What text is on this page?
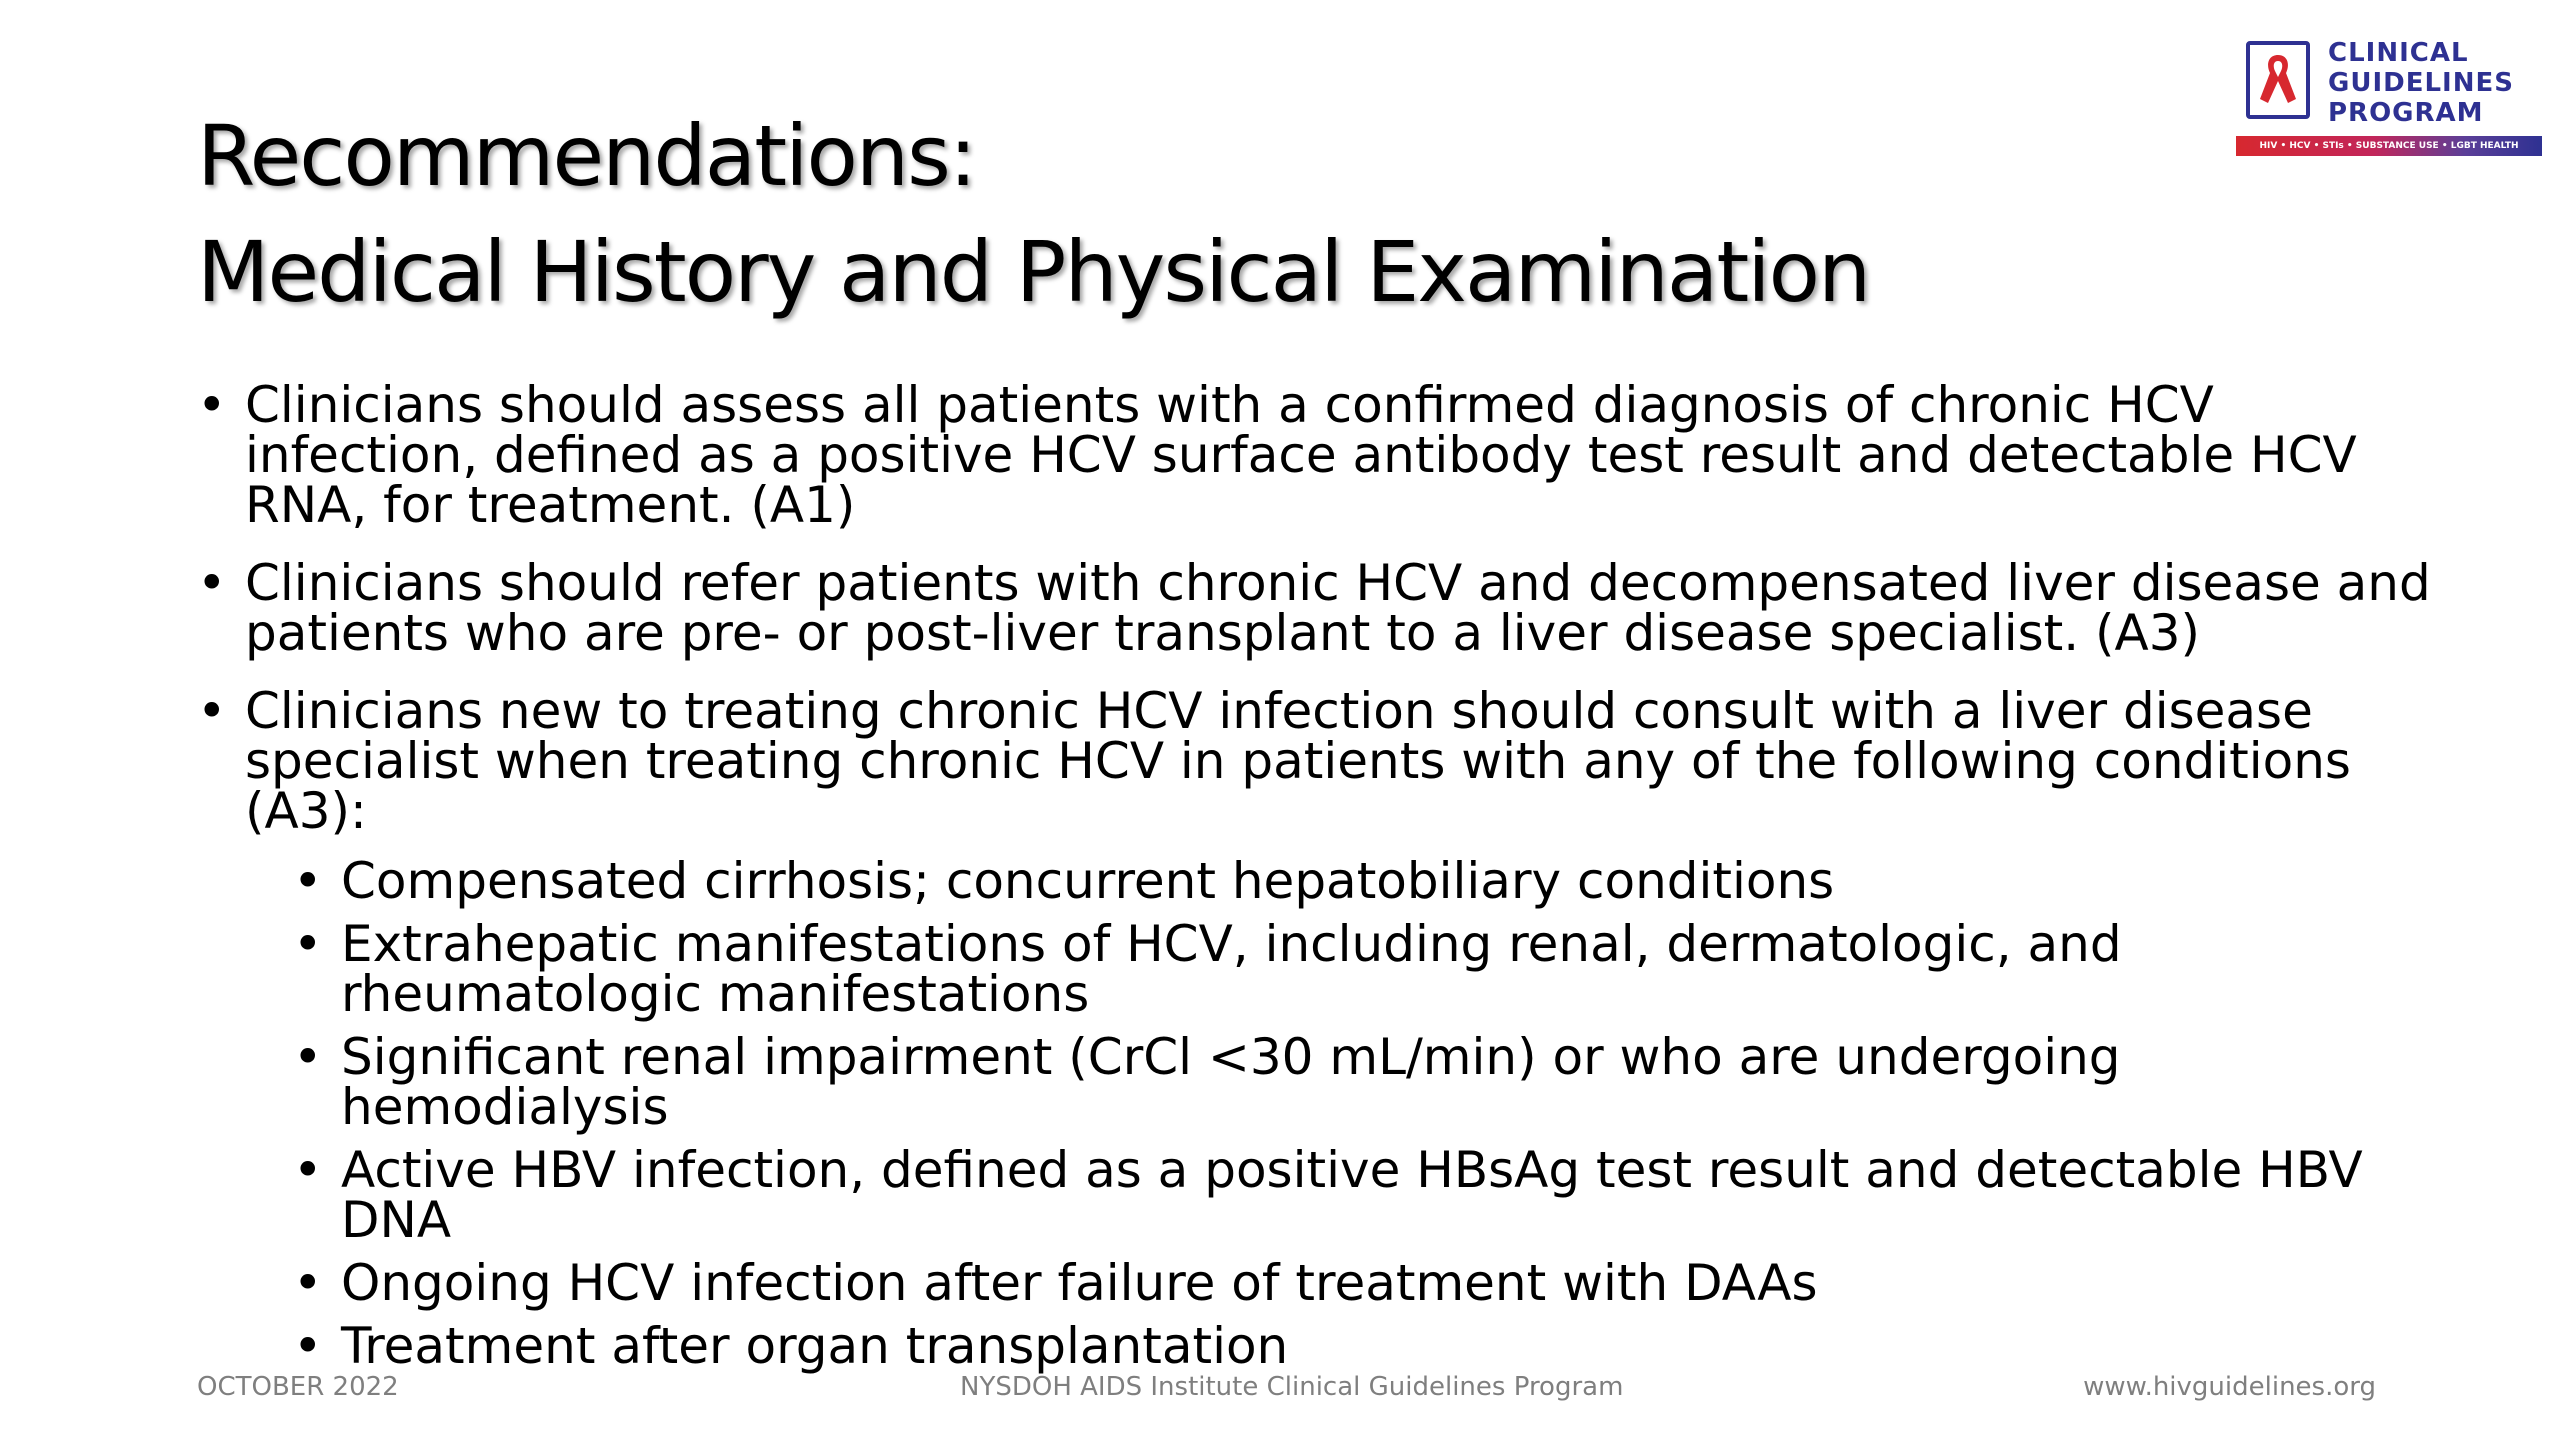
CLINICAL
GUIDELINES
PROGRAM
HIV • HCV • STIs • SUBSTANCE USE • LGBT HEALTH
Recommendations:
Medical History and Physical Examination
• Clinicians should assess all patients with a confirmed diagnosis of chronic HCV infection, defined as a positive HCV surface antibody test result and detectable HCV RNA, for treatment. (A1)
• Clinicians should refer patients with chronic HCV and decompensated liver disease and patients who are pre- or post-liver transplant to a liver disease specialist. (A3)
• Clinicians new to treating chronic HCV infection should consult with a liver disease specialist when treating chronic HCV in patients with any of the following conditions (A3):
• Compensated cirrhosis; concurrent hepatobiliary conditions
• Extrahepatic manifestations of HCV, including renal, dermatologic, and rheumatologic manifestations
• Significant renal impairment (CrCl <30 mL/min) or who are undergoing hemodialysis
• Active HBV infection, defined as a positive HBsAg test result and detectable HBV DNA
• Ongoing HCV infection after failure of treatment with DAAs
• Treatment after organ transplantation
OCTOBER 2022	NYSDOH AIDS Institute Clinical Guidelines Program	www.hivguidelines.org
